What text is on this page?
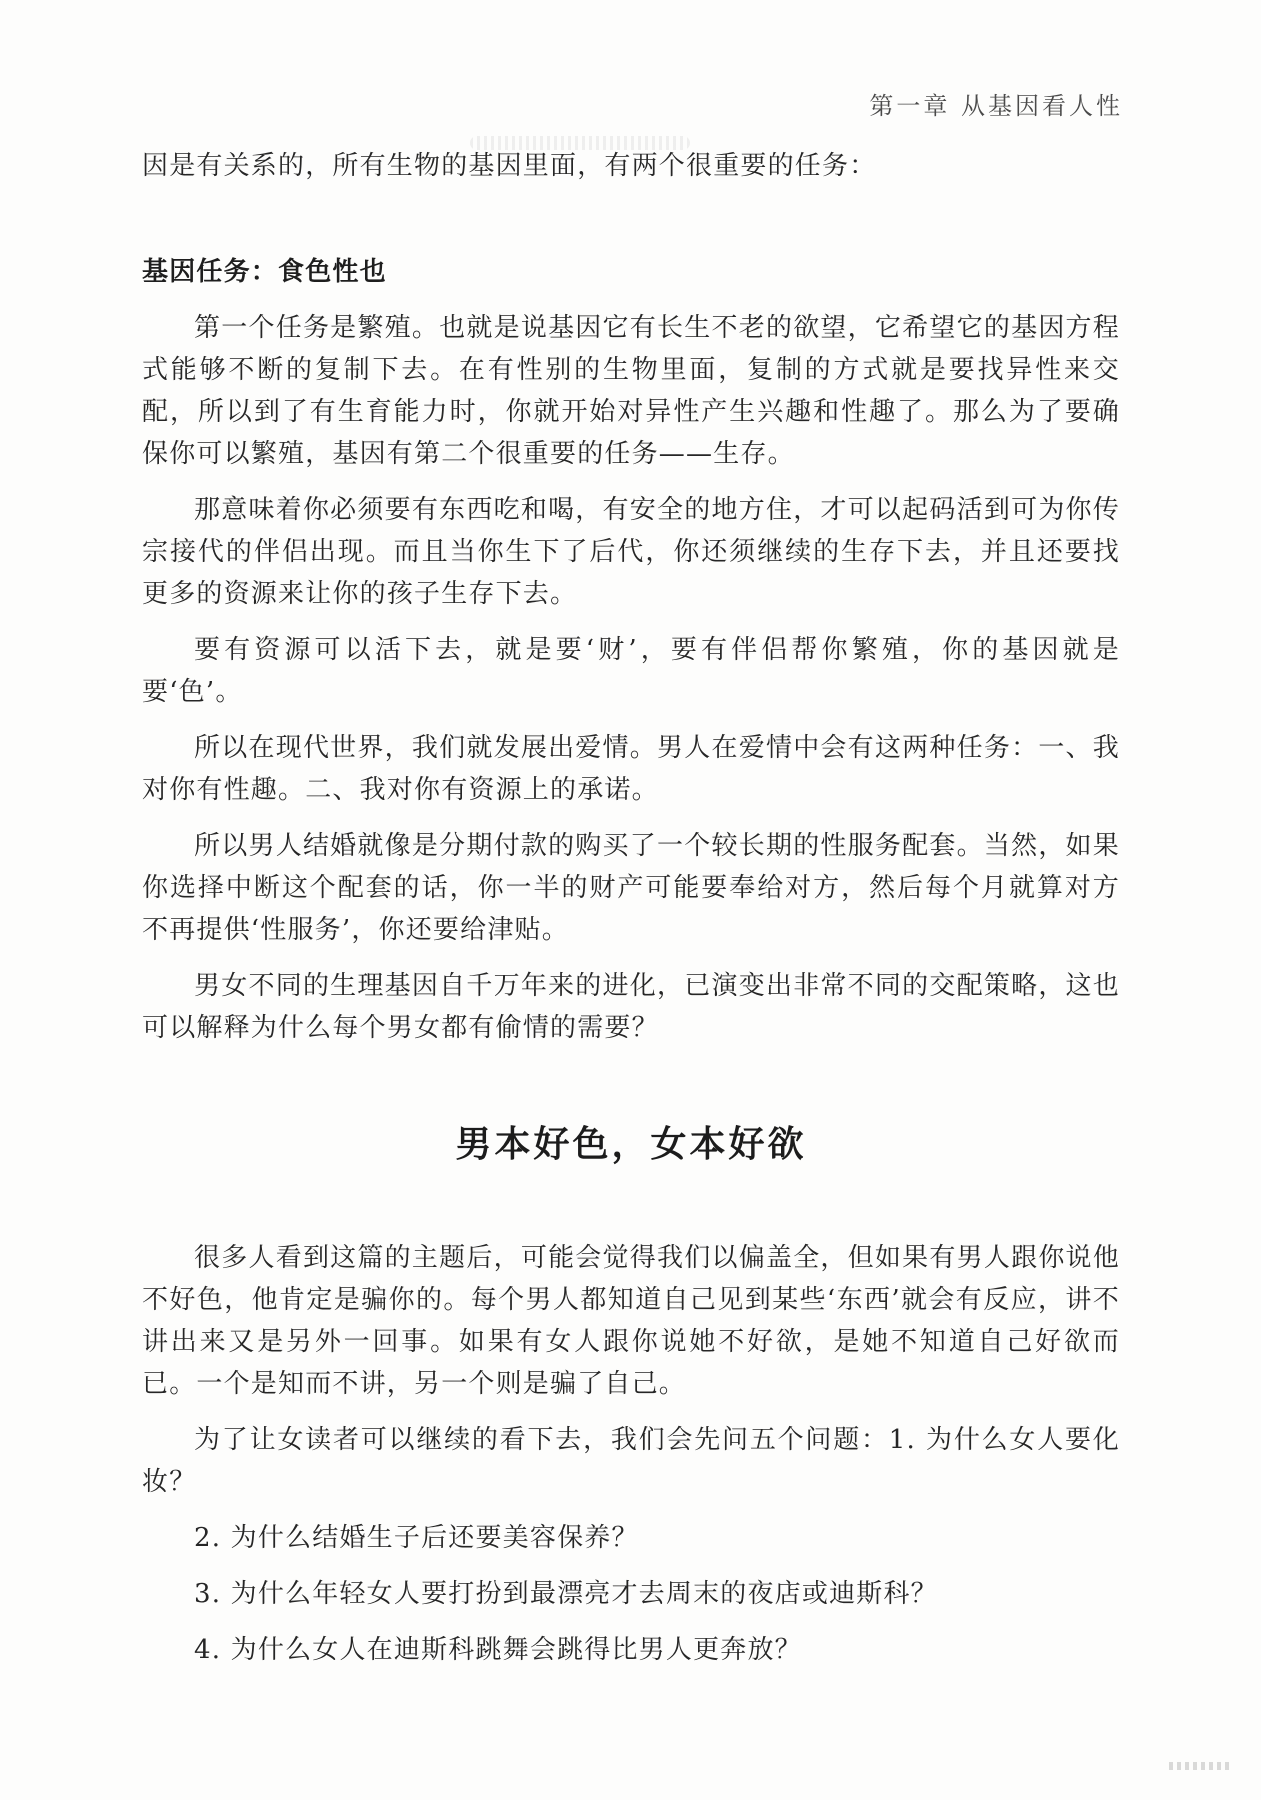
第一章 从基因看人性

因是有关系的，所有生物的基因里面，有两个很重要的任务：

基因任务：食色性也

第一个任务是繁殖。也就是说基因它有长生不老的欲望，它希望它的基因方程式能够不断的复制下去。在有性别的生物里面，复制的方式就是要找异性来交配，所以到了有生育能力时，你就开始对异性产生兴趣和性趣了。那么为了要确保你可以繁殖，基因有第二个很重要的任务——生存。

那意味着你必须要有东西吃和喝，有安全的地方住，才可以起码活到可为你传宗接代的伴侣出现。而且当你生下了后代，你还须继续的生存下去，并且还要找更多的资源来让你的孩子生存下去。

要有资源可以活下去，就是要‘财’，要有伴侣帮你繁殖，你的基因就是要‘色’。

所以在现代世界，我们就发展出爱情。男人在爱情中会有这两种任务：一、我对你有性趣。二、我对你有资源上的承诺。

所以男人结婚就像是分期付款的购买了一个较长期的性服务配套。当然，如果你选择中断这个配套的话，你一半的财产可能要奉给对方，然后每个月就算对方不再提供‘性服务’，你还要给津贴。

男女不同的生理基因自千万年来的进化，已演变出非常不同的交配策略，这也可以解释为什么每个男女都有偷情的需要？

男本好色，女本好欲

很多人看到这篇的主题后，可能会觉得我们以偏盖全，但如果有男人跟你说他不好色，他肯定是骗你的。每个男人都知道自己见到某些‘东西’就会有反应，讲不讲出来又是另外一回事。如果有女人跟你说她不好欲，是她不知道自己好欲而已。一个是知而不讲，另一个则是骗了自己。

为了让女读者可以继续的看下去，我们会先问五个问题：1. 为什么女人要化妆？

2. 为什么结婚生子后还要美容保养？

3. 为什么年轻女人要打扮到最漂亮才去周末的夜店或迪斯科？

4. 为什么女人在迪斯科跳舞会跳得比男人更奔放？
